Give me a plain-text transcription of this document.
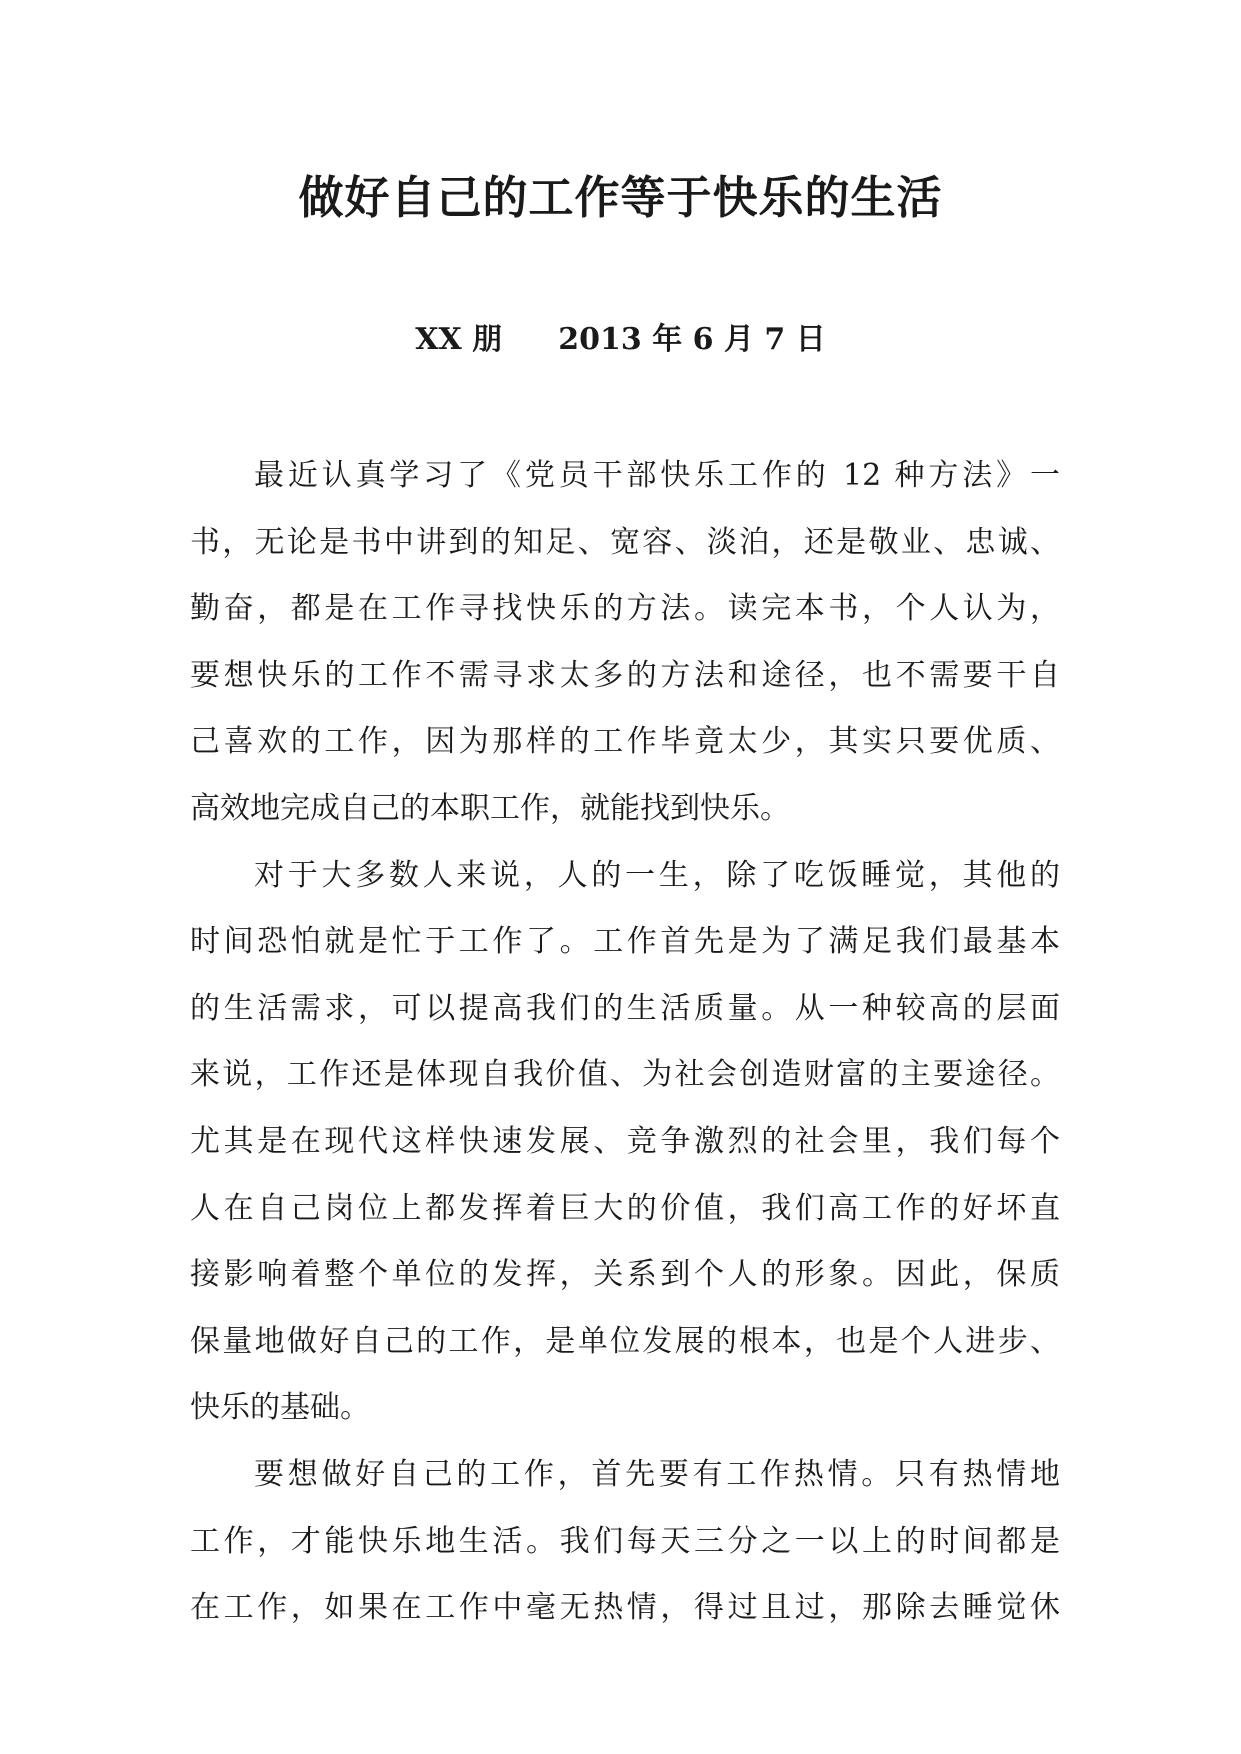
做好自己的工作等于快乐的生活
XX 朋 2013 年 6 月 7 日
最近认真学习了《党员干部快乐工作的 12 种方法》一
书，无论是书中讲到的知足、宽容、淡泊，还是敬业、忠诚、
勤奋，都是在工作寻找快乐的方法。读完本书，个人认为，
要想快乐的工作不需寻求太多的方法和途径，也不需要干自
己喜欢的工作，因为那样的工作毕竟太少，其实只要优质、
高效地完成自己的本职工作，就能找到快乐。
对于大多数人来说，人的一生，除了吃饭睡觉，其他的
时间恐怕就是忙于工作了。工作首先是为了满足我们最基本
的生活需求，可以提高我们的生活质量。从一种较高的层面
来说，工作还是体现自我价值、为社会创造财富的主要途径。
尤其是在现代这样快速发展、竞争激烈的社会里，我们每个
人在自己岗位上都发挥着巨大的价值，我们高工作的好坏直
接影响着整个单位的发挥，关系到个人的形象。因此，保质
保量地做好自己的工作，是单位发展的根本，也是个人进步、
快乐的基础。
要想做好自己的工作，首先要有工作热情。只有热情地
工作，才能快乐地生活。我们每天三分之一以上的时间都是
在工作，如果在工作中毫无热情，得过且过，那除去睡觉休
